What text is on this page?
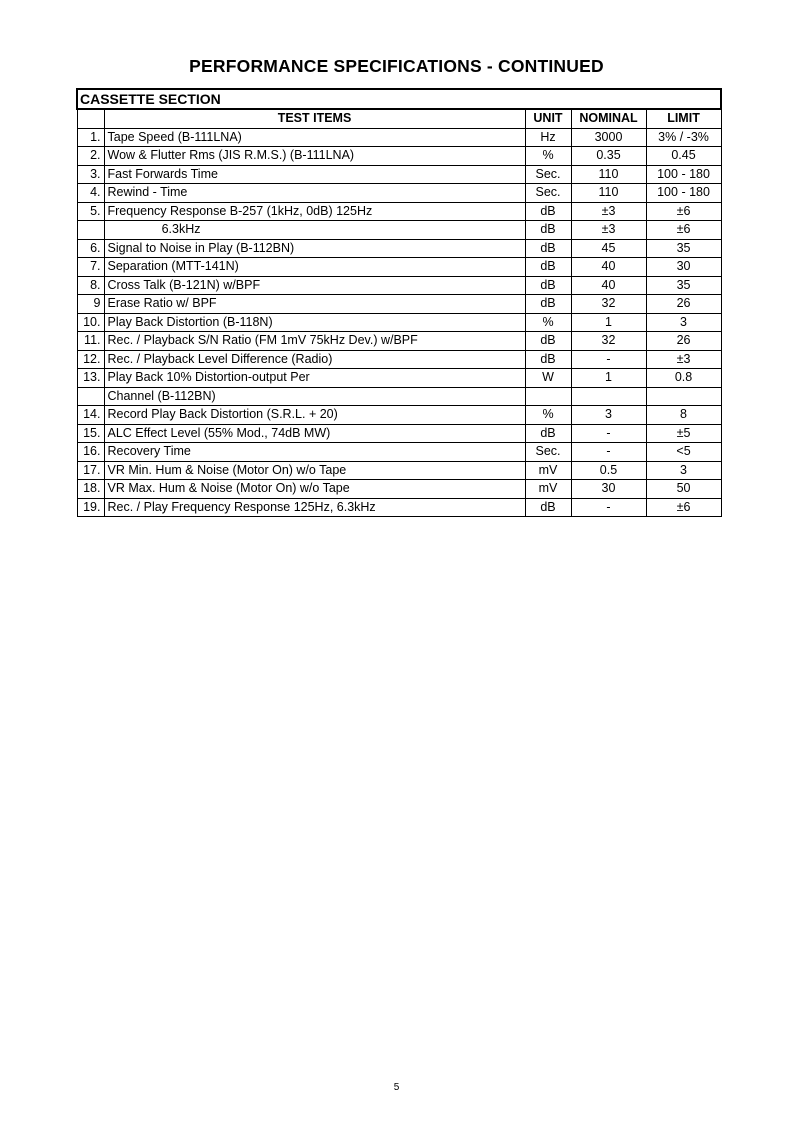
PERFORMANCE SPECIFICATIONS - CONTINUED
CASSETTE SECTION				
	TEST ITEMS	UNIT	NOMINAL	LIMIT
1.	Tape Speed (B-111LNA)	Hz	3000	3% / -3%
2.	Wow & Flutter Rms (JIS R.M.S.) (B-111LNA)	%	0.35	0.45
3.	Fast Forwards Time	Sec.	110	100 - 180
4.	Rewind - Time	Sec.	110	100 - 180
5.	Frequency Response B-257 (1kHz, 0dB) 125Hz	dB	±3	±6
	6.3kHz	dB	±3	±6
6.	Signal to Noise in Play (B-112BN)	dB	45	35
7.	Separation (MTT-141N)	dB	40	30
8.	Cross Talk (B-121N) w/BPF	dB	40	35
9	Erase Ratio w/ BPF	dB	32	26
10.	Play Back Distortion (B-118N)	%	1	3
11.	Rec. / Playback S/N Ratio (FM 1mV 75kHz Dev.) w/BPF	dB	32	26
12.	Rec. / Playback Level Difference (Radio)	dB	-	±3
13.	Play Back 10% Distortion-output Per	W	1	0.8
	Channel (B-112BN)			
14.	Record Play Back Distortion (S.R.L. + 20)	%	3	8
15.	ALC Effect Level (55% Mod., 74dB MW)	dB	-	±5
16.	Recovery Time	Sec.	-	<5
17.	VR Min. Hum & Noise (Motor On) w/o Tape	mV	0.5	3
18.	VR Max. Hum & Noise (Motor On) w/o Tape	mV	30	50
19.	Rec. / Play Frequency Response 125Hz, 6.3kHz	dB	-	±6
5
